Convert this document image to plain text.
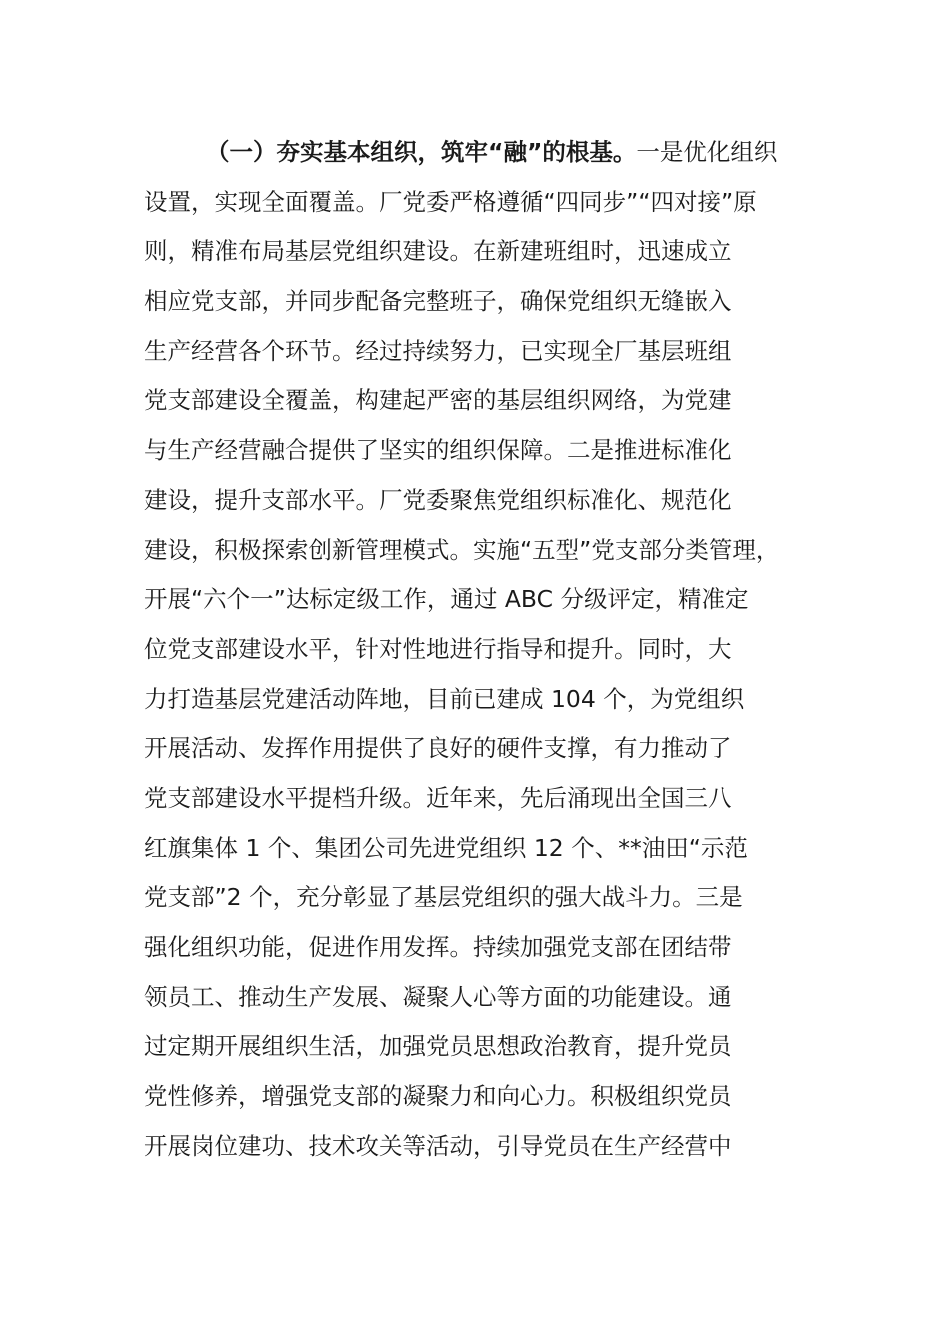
（一）夯实基本组织，筑牢“融”的根基。一是优化组织
设置，实现全面覆盖。厂党委严格遵循“四同步”“四对接”原
则，精准布局基层党组织建设。在新建班组时，迅速成立
相应党支部，并同步配备完整班子，确保党组织无缝嵌入
生产经营各个环节。经过持续努力，已实现全厂基层班组
党支部建设全覆盖，构建起严密的基层组织网络，为党建
与生产经营融合提供了坚实的组织保障。二是推进标准化
建设，提升支部水平。厂党委聚焦党组织标准化、规范化
建设，积极探索创新管理模式。实施“五型”党支部分类管理，
开展“六个一”达标定级工作，通过 ABC 分级评定，精准定
位党支部建设水平，针对性地进行指导和提升。同时，大
力打造基层党建活动阵地，目前已建成 104 个，为党组织
开展活动、发挥作用提供了良好的硬件支撑，有力推动了
党支部建设水平提档升级。近年来，先后涌现出全国三八
红旗集体 1 个、集团公司先进党组织 12 个、**油田“示范
党支部”2 个，充分彰显了基层党组织的强大战斗力。三是
强化组织功能，促进作用发挥。持续加强党支部在团结带
领员工、推动生产发展、凝聚人心等方面的功能建设。通
过定期开展组织生活，加强党员思想政治教育，提升党员
党性修养，增强党支部的凝聚力和向心力。积极组织党员
开展岗位建功、技术攻关等活动，引导党员在生产经营中
